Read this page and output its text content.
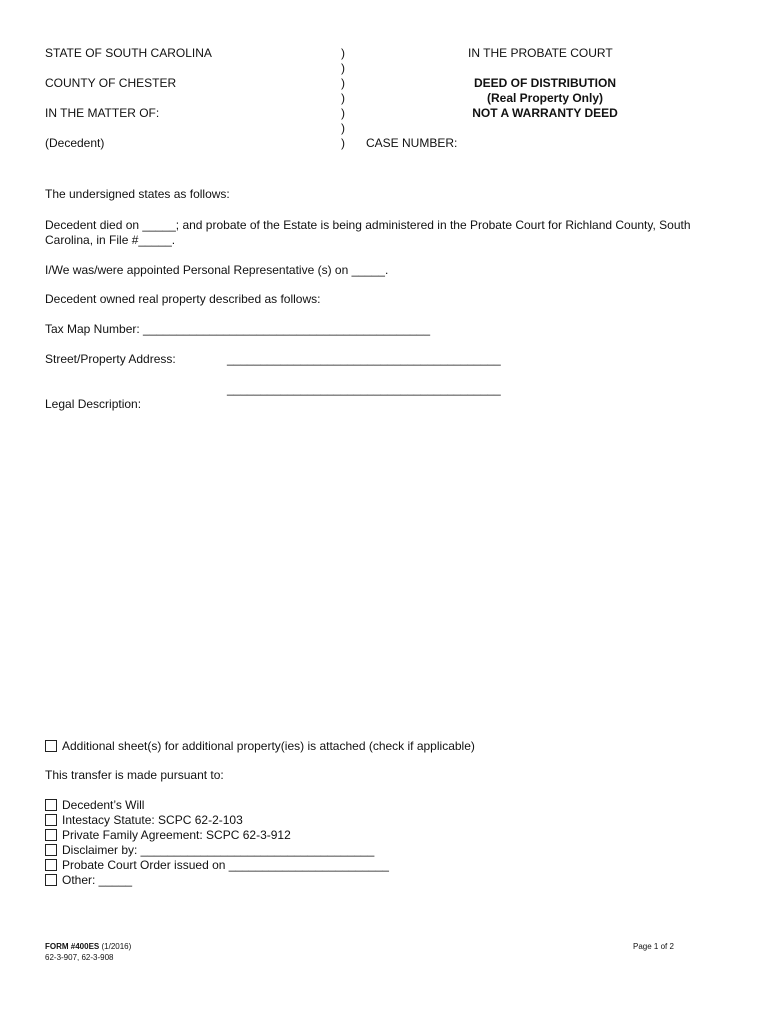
STATE OF SOUTH CAROLINA
COUNTY OF CHESTER
IN THE MATTER OF:
(Decedent)
)
)
)
)
)
)
)
IN THE PROBATE COURT
DEED OF DISTRIBUTION
(Real Property Only)
NOT A WARRANTY DEED
CASE NUMBER:
The undersigned states as follows:
Decedent died on _____; and probate of the Estate is being administered in the Probate Court for Richland County, South Carolina, in File #_____.
I/We was/were appointed Personal Representative (s) on _____.
Decedent owned real property described as follows:
Tax Map Number: ___________________________________________
Street/Property Address:	_________________________________________
_________________________________________
Legal Description:
Additional sheet(s) for additional property(ies) is attached (check if applicable)
This transfer is made pursuant to:
Decedent’s Will
Intestacy Statute: SCPC 62-2-103
Private Family Agreement: SCPC 62-3-912
Disclaimer by: ___________________________________
Probate Court Order issued on ________________________
Other: _____
FORM #400ES (1/2016)
62-3-907, 62-3-908
Page 1 of 2
